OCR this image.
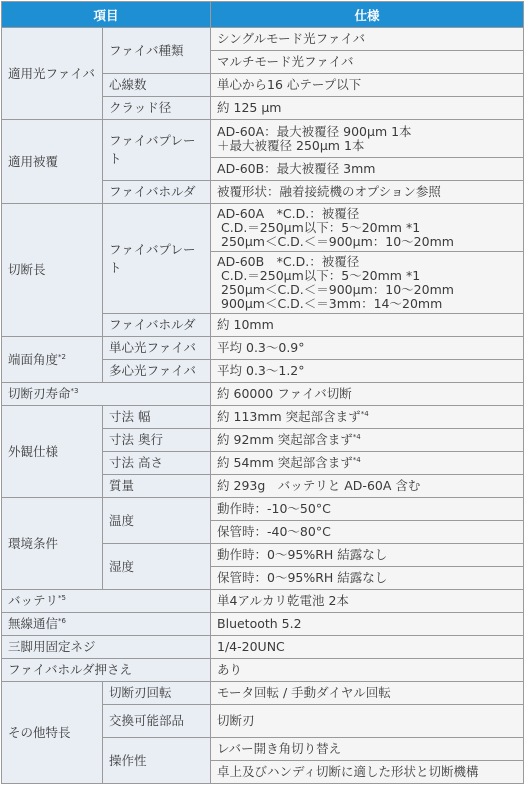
項目		仕様
適用光ファイバ	ファイバ種類	シングルモード光ファイバ
		マルチモード光ファイバ
	心線数	単心から16 心テープ以下
	クラッド径	約 125 μm
適用被覆	ファイバプレート	AD-60A：最大被覆径 900μm 1本
＋最大被覆径 250μm 1本
		AD-60B：最大被覆径 3mm
	ファイバホルダ	被覆形状：融着接続機のオプション参照
切断長	ファイバプレート	AD-60A　*C.D.：被覆径
C.D.＝250μm以下：5～20mm *1
250μm＜C.D.＜＝900μm：10～20mm
		AD-60B　*C.D.：被覆径
C.D.＝250μm以下：5～20mm *1
250μm＜C.D.＜＝900μm：10～20mm
900μm＜C.D.＜＝3mm：14～20mm
	ファイバホルダ	約 10mm
端面角度$^{*2}$	単心光ファイバ	平均 0.3～0.9°
	多心光ファイバ	平均 0.3～1.2°
切断刃寿命$^{*3}$		約 60000 ファイバ切断
外観仕様	寸法 幅	約 113mm 突起部含まず$^{*4}$
	寸法 奥行	約 92mm 突起部含まず$^{*4}$
	寸法 高さ	約 54mm 突起部含まず$^{*4}$
	質量	約 293g　バッテリと AD-60A 含む
環境条件	温度	動作時：-10～50°C
		保管時：-40～80°C
	湿度	動作時：0～95%RH 結露なし
		保管時：0～95%RH 結露なし
バッテリ$^{*5}$		単4アルカリ乾電池 2本
無線通信$^{*6}$		Bluetooth 5.2
三脚用固定ネジ		1/4-20UNC
ファイバホルダ押さえ		あり
その他特長	切断刃回転	モータ回転 / 手動ダイヤル回転
	交換可能部品	切断刃
	操作性	レバー開き角切り替え
		卓上及びハンディ切断に適した形状と切断機構
